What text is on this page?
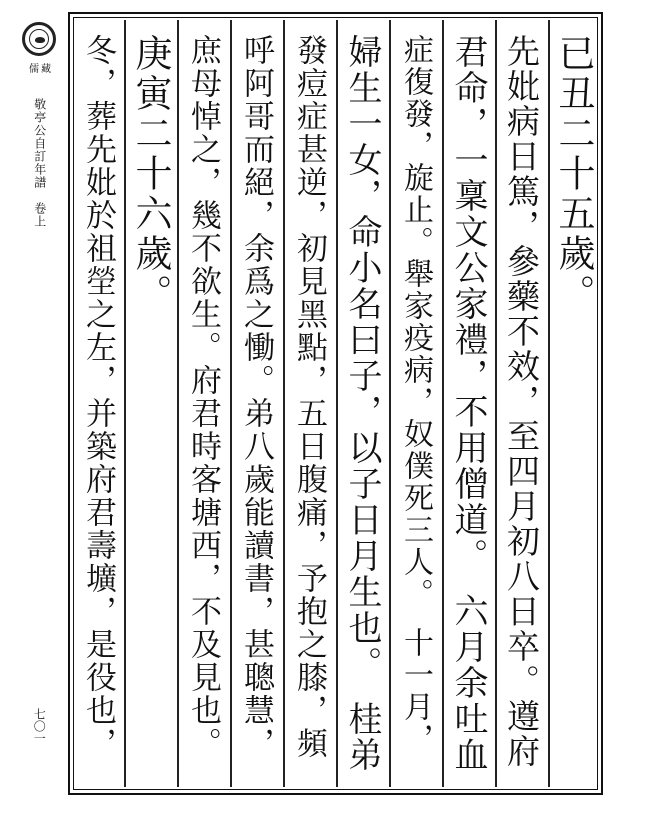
儒藏
敬亭公自訂年譜　卷上
七〇一
已丑二十五歲。
先妣病日篤，參藥不效，至四月初八日卒。遵府
君命，一稟文公家禮，不用僧道。　六月余吐血
症復發，旋止。舉家疫病，奴僕死三人。　十一月，
婦生一女，命小名曰子，以子日月生也。　桂弟
發痘症甚逆，初見黑點，五日腹痛，予抱之膝，頻
呼阿哥而絕，余爲之慟。弟八歲能讀書，甚聰慧，
庶母悼之，幾不欲生。府君時客塘西，不及見也。
庚寅二十六歲。
冬，葬先妣於祖塋之左，并築府君壽壙，是役也，
